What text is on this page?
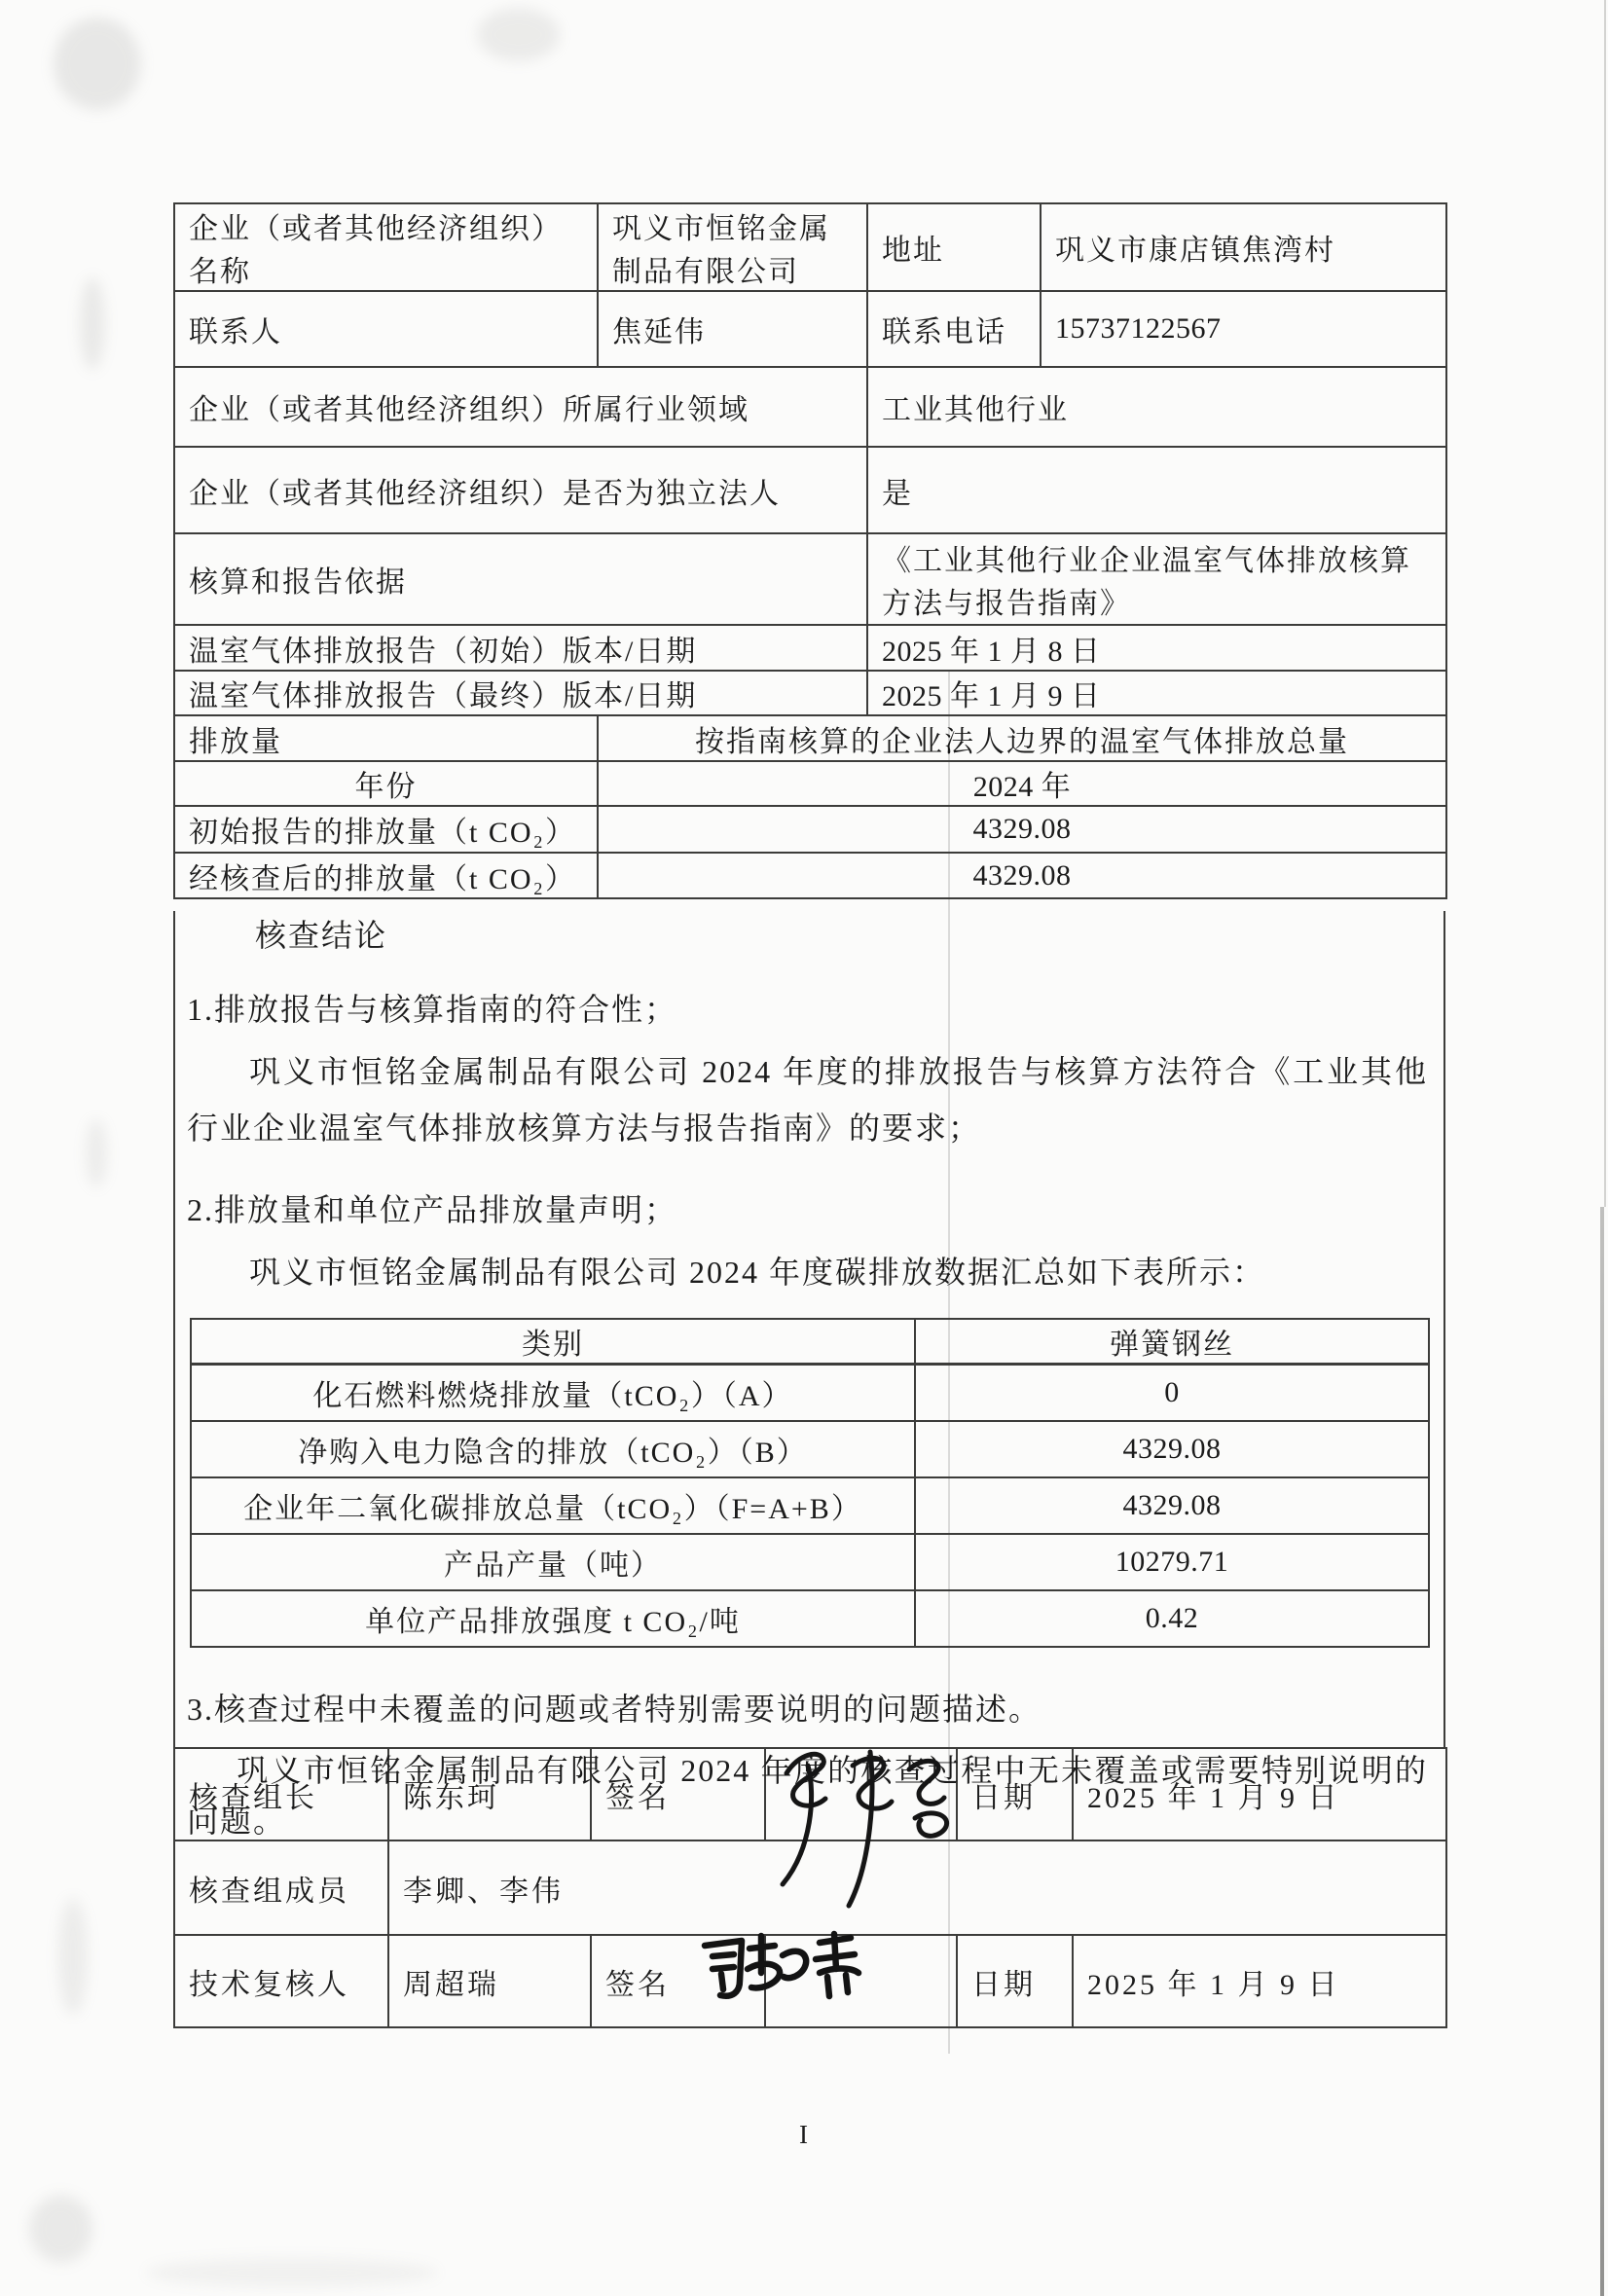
企业（或者其他经济组织）名称	巩义市恒铭金属制品有限公司	地址	巩义市康店镇焦湾村
联系人	焦延伟	联系电话	15737122567
企业（或者其他经济组织）所属行业领域		工业其他行业	
企业（或者其他经济组织）是否为独立法人		是	
核算和报告依据		《工业其他行业企业温室气体排放核算方法与报告指南》	
温室气体排放报告（初始）版本/日期		2025 年 1 月 8 日	
温室气体排放报告（最终）版本/日期		2025 年 1 月 9 日	
排放量	按指南核算的企业法人边界的温室气体排放总量		
年份	2024 年		
初始报告的排放量（t CO₂）	4329.08		
经核查后的排放量（t CO₂）	4329.08		
核查结论
1.排放报告与核算指南的符合性；

巩义市恒铭金属制品有限公司 2024 年度的排放报告与核算方法符合《工业其他行业企业温室气体排放核算方法与报告指南》的要求；

2.排放量和单位产品排放量声明；

巩义市恒铭金属制品有限公司 2024 年度碳排放数据汇总如下表所示：

类别	弹簧钢丝
化石燃料燃烧排放量（tCO₂）（A）	0
净购入电力隐含的排放（tCO₂）（B）	4329.08
企业年二氧化碳排放总量（tCO₂）（F=A+B）	4329.08
产品产量（吨）	10279.71
单位产品排放强度 t CO₂/吨	0.42
3.核查过程中未覆盖的问题或者特别需要说明的问题描述。

巩义市恒铭金属制品有限公司 2024 年度的核查过程中无未覆盖或需要特别说明的问题。

核查组长	陈东珂	签名		日期	2025 年 1 月 9 日
核查组成员	李卿、李伟				
技术复核人	周超瑞	签名		日期	2025 年 1 月 9 日
I
